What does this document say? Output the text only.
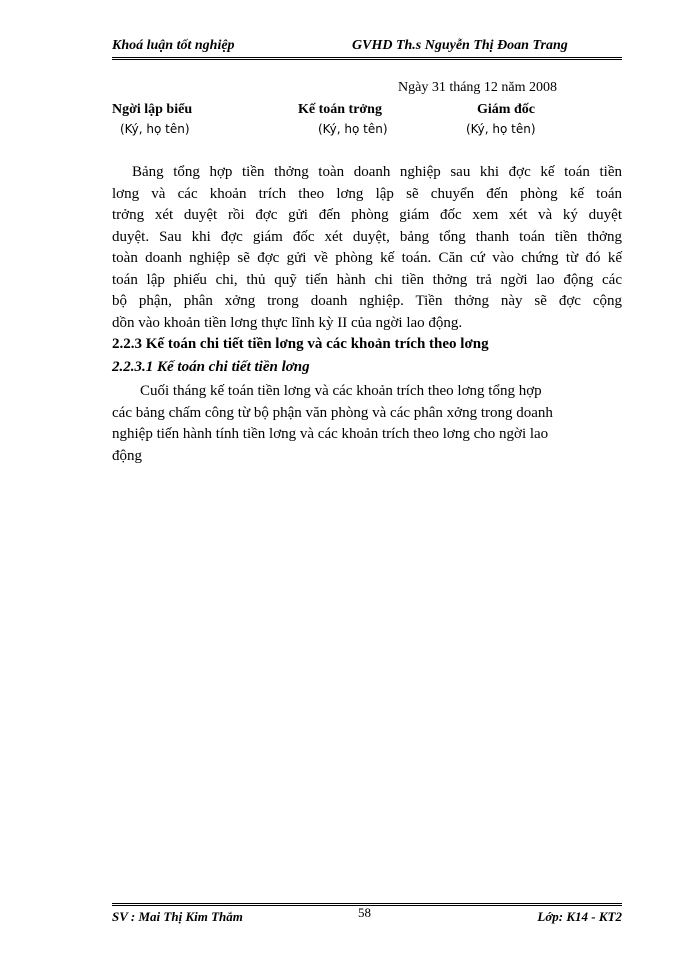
Khoá luận tốt nghiệp	GVHD Th.s Nguyễn Thị Đoan Trang
Ngày 31 tháng 12 năm 2008
Ngời lập biểu	Kế toán trởng	Giám đốc
(Ký, họ tên)	(Ký, họ tên)	(Ký, họ tên)

Bảng tổng hợp tiền thởng toàn doanh nghiệp sau khi đợc kế toán tiền

lơng và các khoản trích theo lơng lập sẽ chuyển đến phòng kế toán

trởng xét duyệt rồi đợc gửi đến phòng giám đốc xem xét và ký duyệt

duyệt. Sau khi đợc giám đốc xét duyệt, bảng tổng thanh toán tiền thởng

toàn doanh nghiệp sẽ đợc gửi về phòng kế toán. Căn cứ vào chứng từ đó kế

toán lập phiếu chi, thủ quỹ tiến hành chi tiền thởng trả ngời lao động các

bộ phận, phân xởng trong doanh nghiệp. Tiền thởng này sẽ đợc cộng

dồn vào khoản tiền lơng thực lĩnh kỳ II của ngời lao động.

2.2.3 Kế toán chi tiết tiền lơng và các khoản trích theo lơng
2.2.3.1 Kế toán chi tiết tiền lơng

Cuối tháng kế toán tiền lơng và các khoản trích theo lơng tổng hợp

các bảng chấm công từ bộ phận văn phòng và các phân xởng trong doanh

nghiệp tiến hành tính tiền lơng và các khoản trích theo lơng cho ngời lao

động

SV : Mai Thị Kim Thắm	58	Lớp: K14 - KT2
